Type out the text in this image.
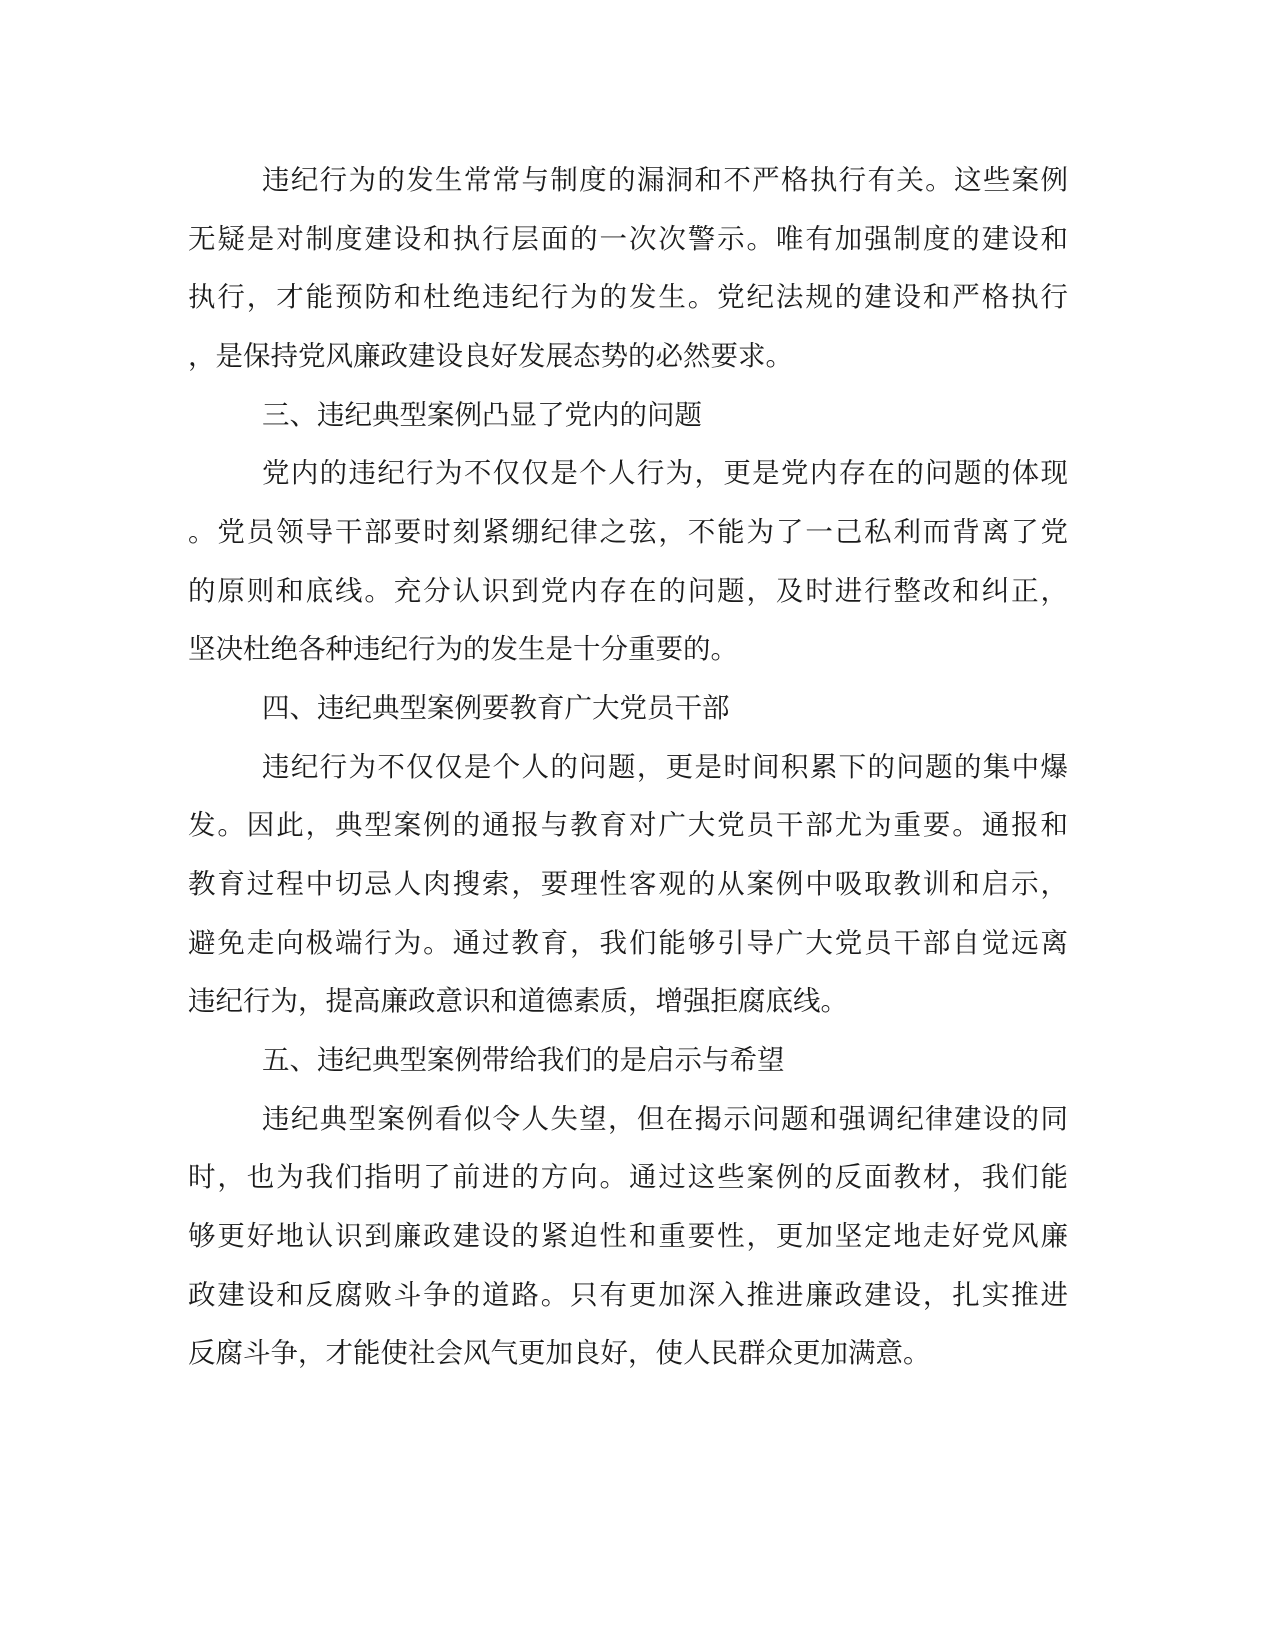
违纪行为的发生常常与制度的漏洞和不严格执行有关。这些案例
无疑是对制度建设和执行层面的一次次警示。唯有加强制度的建设和
执行，才能预防和杜绝违纪行为的发生。党纪法规的建设和严格执行
，是保持党风廉政建设良好发展态势的必然要求。
三、违纪典型案例凸显了党内的问题
党内的违纪行为不仅仅是个人行为，更是党内存在的问题的体现
。党员领导干部要时刻紧绷纪律之弦，不能为了一己私利而背离了党
的原则和底线。充分认识到党内存在的问题，及时进行整改和纠正，
坚决杜绝各种违纪行为的发生是十分重要的。
四、违纪典型案例要教育广大党员干部
违纪行为不仅仅是个人的问题，更是时间积累下的问题的集中爆
发。因此，典型案例的通报与教育对广大党员干部尤为重要。通报和
教育过程中切忌人肉搜索，要理性客观的从案例中吸取教训和启示，
避免走向极端行为。通过教育，我们能够引导广大党员干部自觉远离
违纪行为，提高廉政意识和道德素质，增强拒腐底线。
五、违纪典型案例带给我们的是启示与希望
违纪典型案例看似令人失望，但在揭示问题和强调纪律建设的同
时，也为我们指明了前进的方向。通过这些案例的反面教材，我们能
够更好地认识到廉政建设的紧迫性和重要性，更加坚定地走好党风廉
政建设和反腐败斗争的道路。只有更加深入推进廉政建设，扎实推进
反腐斗争，才能使社会风气更加良好，使人民群众更加满意。
